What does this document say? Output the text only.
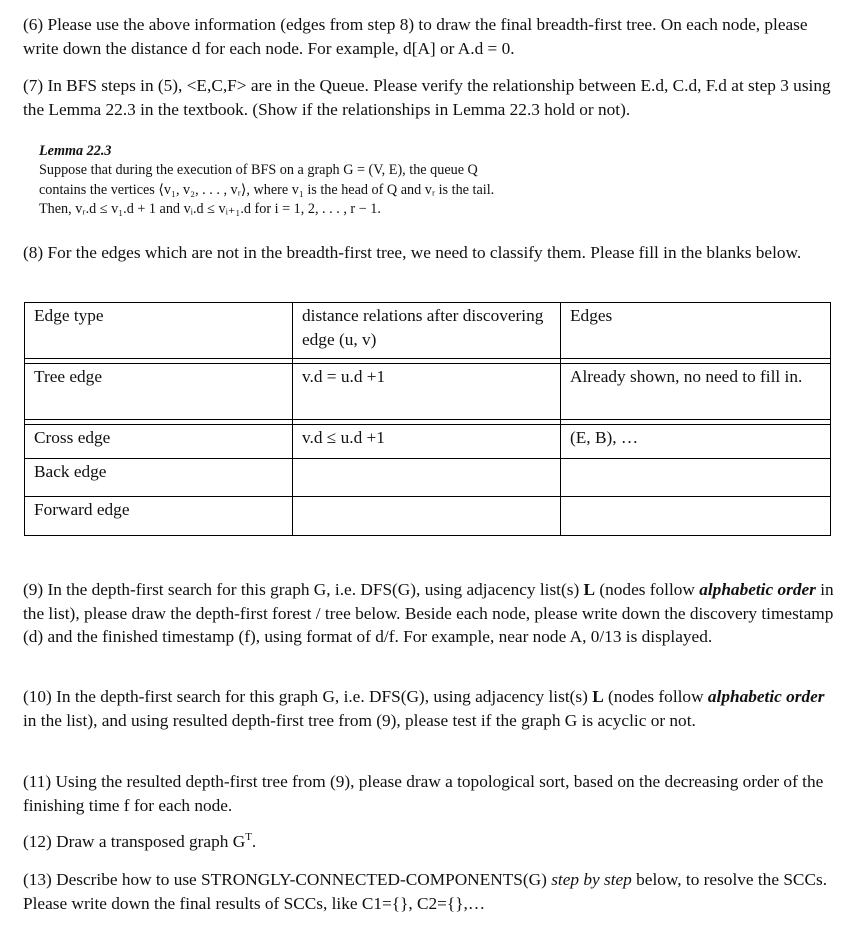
(6) Please use the above information (edges from step 8) to draw the final breadth-first tree. On each node, please write down the distance d for each node. For example, d[A] or A.d = 0.

(7) In BFS steps in (5), <E,C,F> are in the Queue. Please verify the relationship between E.d, C.d, F.d at step 3 using the Lemma 22.3 in the textbook. (Show if the relationships in Lemma 22.3 hold or not).

Lemma 22.3
Suppose that during the execution of BFS on a graph G = (V, E), the queue Q
contains the vertices ⟨v₁, v₂, . . . , vᵣ⟩, where v₁ is the head of Q and vᵣ is the tail.
Then, vᵣ.d ≤ v₁.d + 1 and vᵢ.d ≤ vᵢ₊₁.d for i = 1, 2, . . . , r − 1.

(8) For the edges which are not in the breadth-first tree, we need to classify them. Please fill in the blanks below.

Edge type	distance relations after discovering edge (u, v)	Edges

Tree edge	v.d = u.d +1	Already shown, no need to fill in.

Cross edge	v.d ≤ u.d +1	(E, B), …
Back edge		
Forward edge		

(9) In the depth-first search for this graph G, i.e. DFS(G), using adjacency list(s) L (nodes follow alphabetic order in the list), please draw the depth-first forest / tree below. Beside each node, please write down the discovery timestamp (d) and the finished timestamp (f), using format of d/f. For example, near node A, 0/13 is displayed.

(10) In the depth-first search for this graph G, i.e. DFS(G), using adjacency list(s) L (nodes follow alphabetic order in the list), and using resulted depth-first tree from (9), please test if the graph G is acyclic or not.

(11) Using the resulted depth-first tree from (9), please draw a topological sort, based on the decreasing order of the finishing time f for each node.

(12) Draw a transposed graph $G^T$.

(13) Describe how to use STRONGLY-CONNECTED-COMPONENTS(G) step by step below, to resolve the SCCs. Please write down the final results of SCCs, like C1={}, C2={},…
